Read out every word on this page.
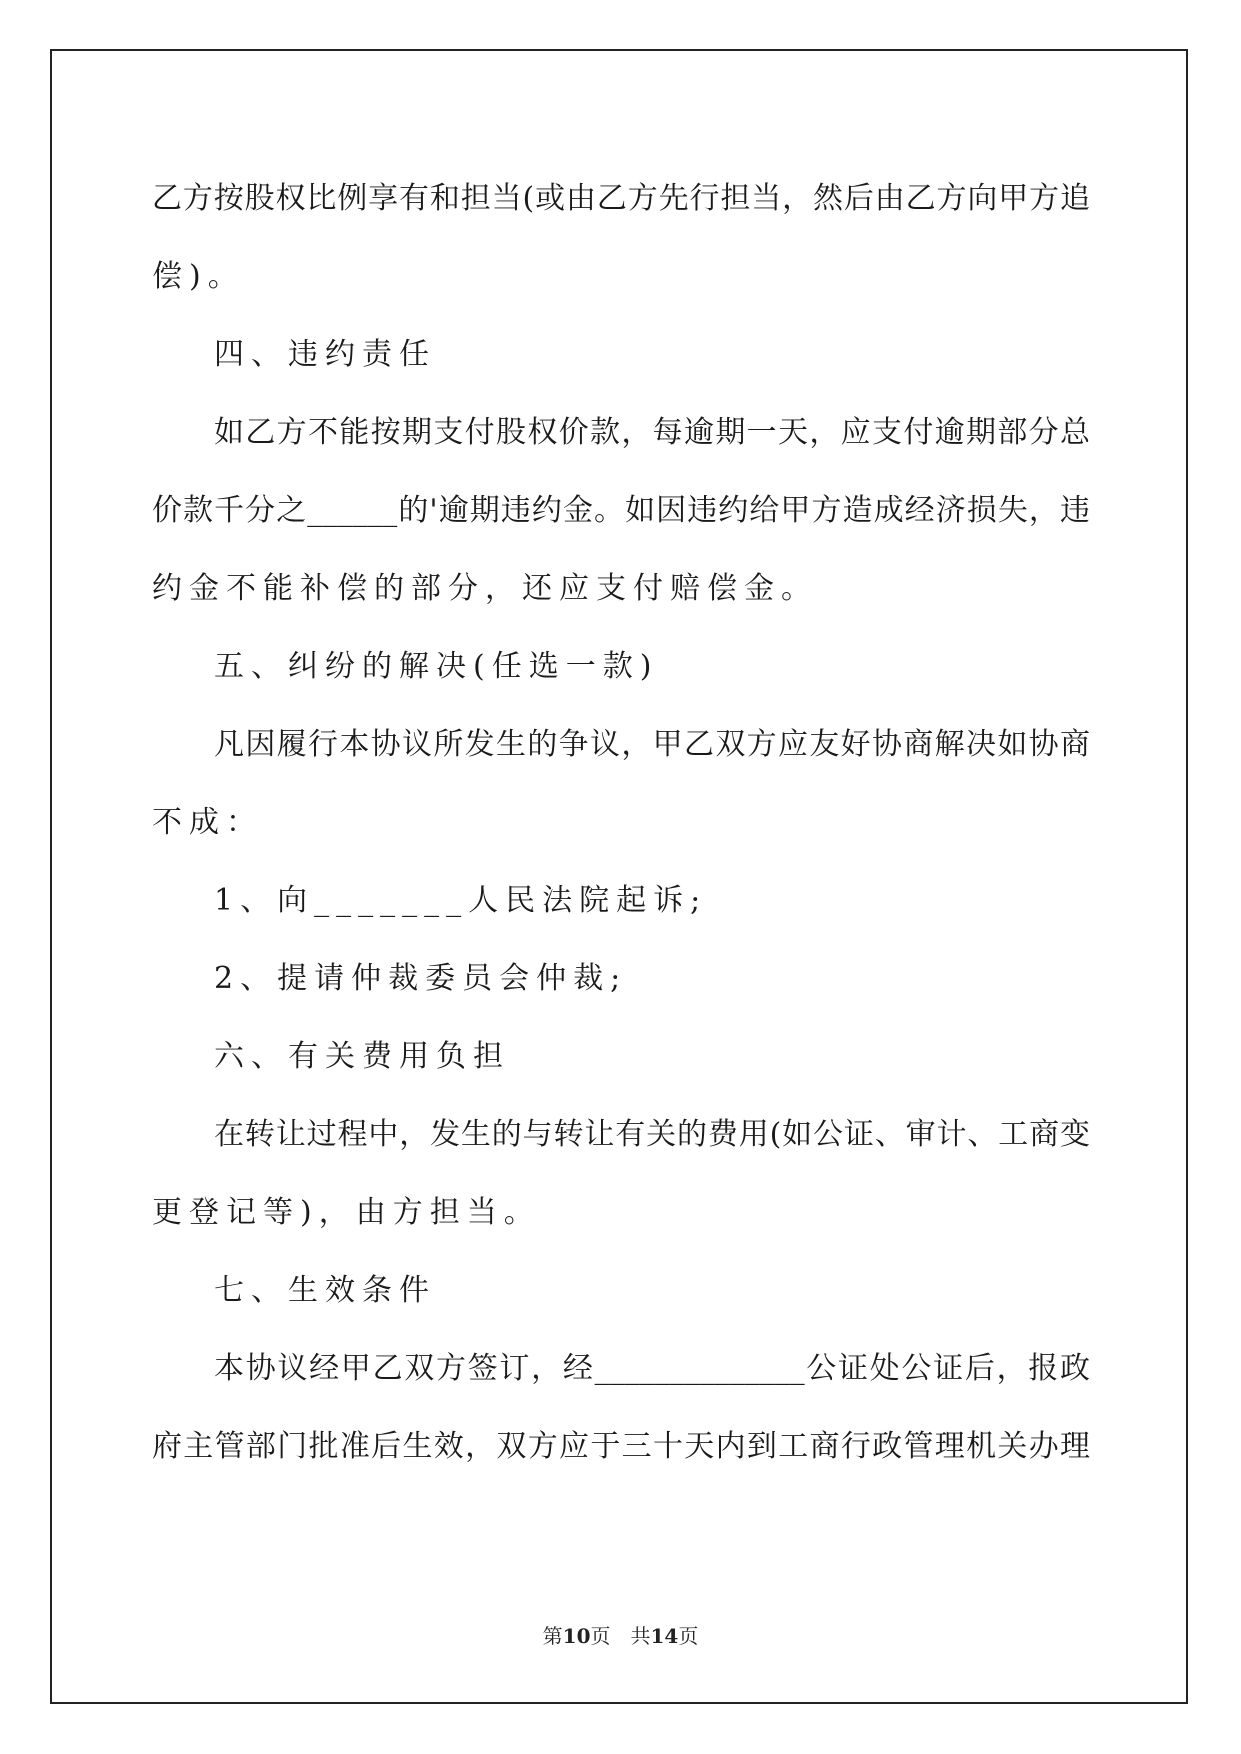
乙方按股权比例享有和担当(或由乙方先行担当，然后由乙方向甲方追
偿)。
四、违约责任
如乙方不能按期支付股权价款，每逾期一天，应支付逾期部分总
价款千分之______的'逾期违约金。如因违约给甲方造成经济损失，违
约金不能补偿的部分，还应支付赔偿金。
五、纠纷的解决(任选一款)
凡因履行本协议所发生的争议，甲乙双方应友好协商解决如协商
不成：
1、向_______人民法院起诉;
2、提请仲裁委员会仲裁;
六、有关费用负担
在转让过程中，发生的与转让有关的费用(如公证、审计、工商变
更登记等)，由方担当。
七、生效条件
本协议经甲乙双方签订，经______________公证处公证后，报政
府主管部门批准后生效，双方应于三十天内到工商行政管理机关办理
第10页　共14页
